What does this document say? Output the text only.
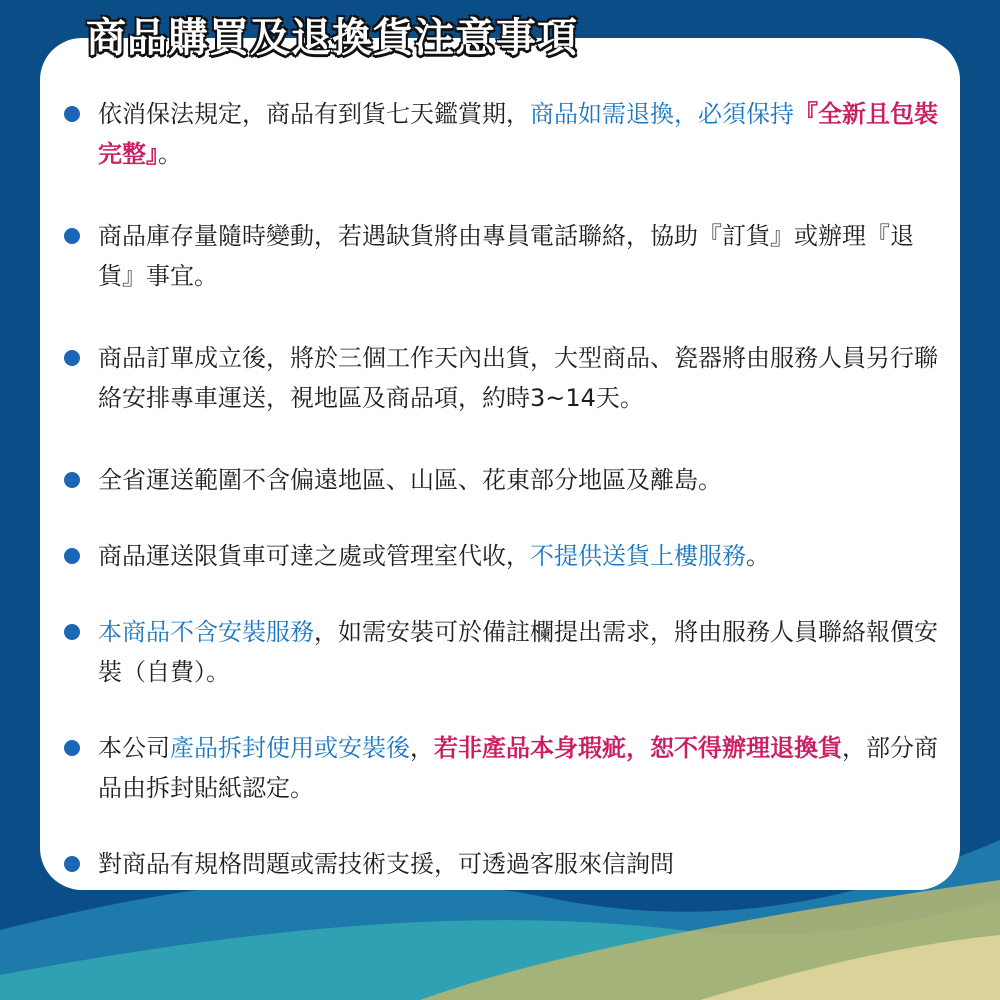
商品購買及退換貨注意事項
依消保法規定，商品有到貨七天鑑賞期，商品如需退換，必須保持『全新且包裝完整』。
商品庫存量隨時變動，若遇缺貨將由專員電話聯絡，協助『訂貨』或辦理『退貨』事宜。
商品訂單成立後，將於三個工作天內出貨，大型商品、瓷器將由服務人員另行聯絡安排專車運送，視地區及商品項，約時3~14天。
全省運送範圍不含偏遠地區、山區、花東部分地區及離島。
商品運送限貨車可達之處或管理室代收，不提供送貨上樓服務。
本商品不含安裝服務，如需安裝可於備註欄提出需求，將由服務人員聯絡報價安裝（自費）。
本公司產品拆封使用或安裝後，若非產品本身瑕疵，恕不得辦理退換貨，部分商品由拆封貼紙認定。
對商品有規格問題或需技術支援，可透過客服來信詢問
